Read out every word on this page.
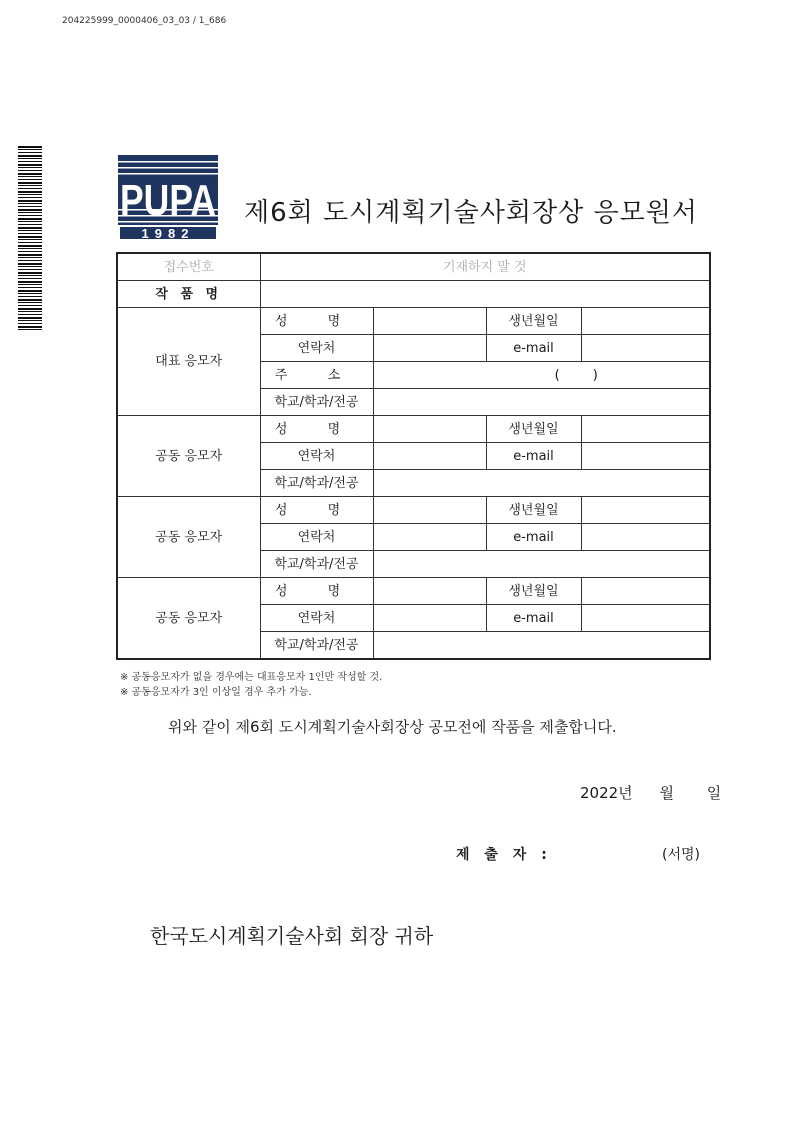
204225999_0000406_03_03 / 1_686
PUPA
1982
제6회 도시계획기술사회장상 응모원서
접수번호	기재하지 말 것			
작 품 명				
대표 응모자	성 명		생년월일	
	연락처		e-mail	
	주 소	(        )		
	학교/학과/전공			
공동 응모자	성 명		생년월일	
	연락처		e-mail	
	학교/학과/전공			
공동 응모자	성 명		생년월일	
	연락처		e-mail	
	학교/학과/전공			
공동 응모자	성 명		생년월일	
	연락처		e-mail	
	학교/학과/전공			
※ 공동응모자가 없을 경우에는 대표응모자 1인만 작성할 것.
※ 공동응모자가 3인 이상일 경우 추가 가능.
위와 같이 제6회 도시계획기술사회장상 공모전에 작품을 제출합니다.
2022년 월 일
제 출 자 :	(서명)
한국도시계획기술사회 회장 귀하
